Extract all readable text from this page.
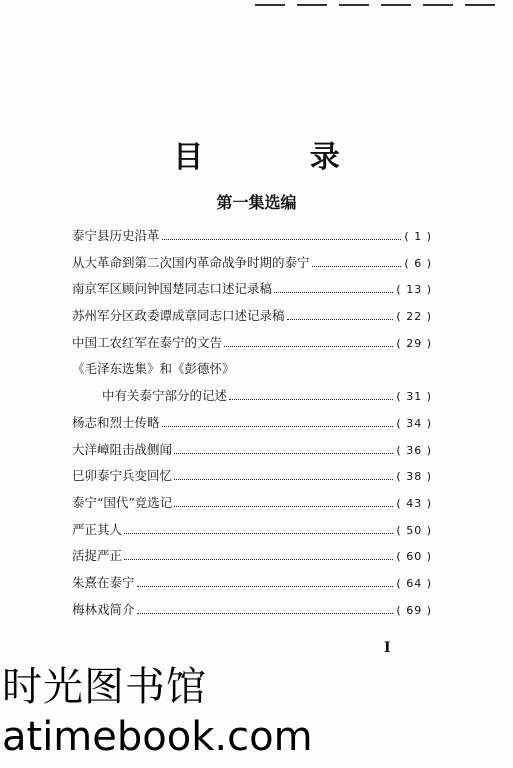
目 录
第一集选编
泰宁县历史沿革	( 1 )
从大革命到第二次国内革命战争时期的泰宁	( 6 )
南京军区顾问钟国楚同志口述记录稿	( 13 )
苏州军分区政委谭成章同志口述记录稿	( 22 )
中国工农红军在泰宁的文告	( 29 )
《毛泽东选集》和《彭德怀》
中有关泰宁部分的记述	( 31 )
杨志和烈士传略	( 34 )
大洋嶂阻击战侧闻	( 36 )
巳卯泰宁兵变回忆	( 38 )
泰宁“国代”竞选记	( 43 )
严正其人	( 50 )
活捉严正	( 60 )
朱熹在泰宁	( 64 )
梅林戏简介	( 69 )
I
时光图书馆
atimebook.com
